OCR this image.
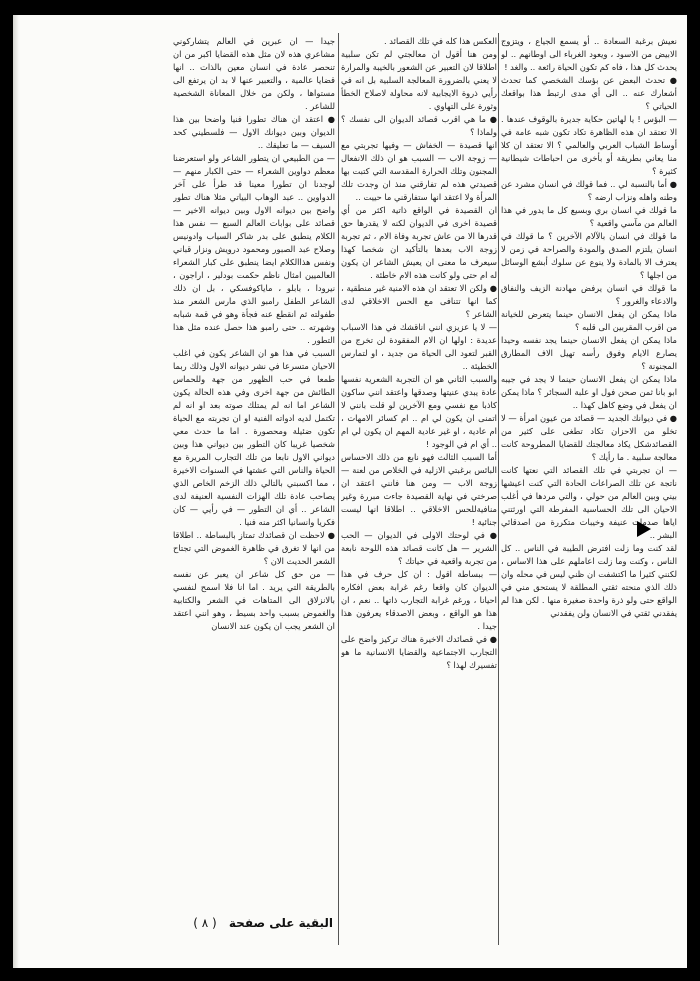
نعيش برغبة السعادة .. أو يسمع الجياع ، ويتزوج الابيض من الاسود ، ويعود الغرباء الى اوطانهم .. لو يحدث كل هذا ، فاه كم تكون الحياة رائعة .. والغد !

● تحدث البعض عن بؤسك الشخصي كما تحدث أشعارك عنه .. الى أي مدى ارتبط هذا بواقعك الحياتي ؟

— البؤس ! يا لهاتين حكاية جديرة بالوقوف عندها . الا تعتقد ان هذه الظاهرة تكاد تكون شبه عامة في أوساط الشباب العربي والعالمي ؟ الا تعتقد ان كلا منا يعاني بطريقة أو بأخرى من احباطات شيطانية كثيرة ؟

● أما بالنسبة لي .. فما قولك في انسان مشرد عن وطنه واهله ونزاب ارضه ؟

ما قولك في انسان بري وبسيع كل ما يدور في هذا العالم من مآسي واقعية ؟

ما قولك في انسان بالآلام الآخرين ؟ ما قولك في انسان يلتزم الصدق والمودة والصراحة في زمن لا يعترف الا بالمادة ولا ينوع عن سلوك أبشع الوسائل من اجلها ؟

ما قولك في انسان يرفض مهادنة الزيف والنفاق والادعاء والغرور ؟

ماذا يمكن ان يفعل الانسان حينما يتعرض للخيانة من اقرب المقربين الى قلبه ؟

ماذا يمكن ان يفعل الانسان حينما يجد نفسه وحيدا يصارع الايام وفوق رأسه تهيل الاف المطارق المجنونة ؟

ماذا يمكن ان يفعل الانسان حينما لا يجد في جيبه ابو بانا ثمن صحن فول او علبة السجائر ؟ ماذا يمكن ان يفعل في وضع كاهل كهذا ..

● في ديوانك الجديد — قصائد من عيون امرأة — لا تخلو من الاحزان تكاد تطغى على كثير من القصائدشكل يكاد معالجتك للقضايا المطروحة كانت معالجة سلبية . ما رأيك ؟

— ان تجربتي في تلك القصائد التي نعتها كانت ناتجة عن تلك الصراعات الحادة التي كنت اعيشها بيني وبين العالم من حولي ، والتي مردها في أغلب الاحيان الى تلك الحساسية المفرطة التي اورثتني اياها صدمات عنيفة وخيبات متكررة من اصدقائي البشر ..

لقد كنت وما زلت افترض الطيبة في الناس .. كل الناس ، وكنت وما زلت اعاملهم على هذا الاساس ، لكنني كثيرا ما اكتشفت ان ظني ليس في محله وان ذلك الذي منحته ثقتي المطلقة لا يستحق مني في الواقع حتى ولو ذرة واحدة صغيرة منها . لكن هذا لم يفقدني ثقتي في الانسان ولن يفقدني

العكس هذا كله في تلك القصائد .

ومن هنا أقول ان معالجتي لم تكن سلبية اطلاقا لان التعبير عن الشعور بالخيبة والمرارة لا يعني بالضرورة المعالجة السلبية بل انه في رأيي ذروة الايجابية لانه محاولة لاصلاح الخطأ وثورة على التهاوي .

● ما هي اقرب قصائد الديوان الى نفسك ؟ ولماذا ؟

انها قصيدة — الخفاش — وفيها تجربتي مع — زوجة الاب — السبب هو ان ذلك الانفعال المجنون وتلك الحرارة المقدسة التي كتبت بها قصيدتي هذه لم تفارقني منذ ان وجدت تلك المرأة ولا اعتقد انها ستفارقني ما حييت ..

ان القصيدة في الواقع ذاتية اكثر من أي قصيدة اخرى في الديوان لكنه لا يقدرها حق قدرها الا من عاش تجربة وفاة الام ، ثم تجربة زوجة الاب بعدها بالتأكيد ان شخصا كهذا سيعرف ما معنى ان يعيش الشاعر ان يكون له ام حتى ولو كانت هذه الام خاطئة .

● ولكن الا تعتقد ان هذه الامنية غير منطقية ، كما انها تتنافى مع الحس الاخلاقي لدى الشاعر ؟

— لا يا عزيزي انني اناقشك في هذا الاسباب عديدة : اولها ان الام المفقودة لن تخرج من القبر لتعود الى الحياة من جديد ، او لتمارس الخطيئة ..

والسبب الثاني هو ان التجربة الشعرية نفسها عادة يبدي عنيتها وصدقها واعتقد انني ساكون كاذبا مع نفسي ومع الآخرين لو قلت بانني لا اتمنى ان يكون لي ام .. ام كسائر الامهات ، ام عادية ، او غير عادية المهم ان يكون لي ام .. أي ام في الوجود !

أما السبب الثالث فهو نابع من ذلك الاحساس البائس برغبتي الازلية في الخلاص من لعنة — زوجة الاب — ومن هنا فانني اعتقد ان صرختي في نهاية القصيدة جاءت مبررة وغير منافيةللحس الاخلاقي .. اطلاقا انها ليست جنائية !

● في لوحتك الاولى في الديوان — الحب الشرير — هل كانت قصائد هذه اللوحة نابعة من تجربة واقعية في حياتك ؟

— ببساطة اقول : ان كل حرف في هذا الديوان كان واقعا رغم غرابة بعض افكاره احيانا ، ورغم غرابة التجارب ذاتها .. نعم ، ان هذا هو الواقع ، وبعض الاصدقاء يعرفون هذا جيدا .

● في قصائدك الاخيرة هناك تركيز واضح على التجارب الاجتماعية والقضايا الانسانية ما هو تفسيرك لهذا ؟

جيدا — ان عبرين في العالم يتشاركوني مشاعري هذه لان مثل هذه القضايا اكبر من ان تنحصر عادة في انسان معين بالذات .. انها قضايا عالمية ، والتعبير عنها لا بد ان يرتفع الى مستواها ، ولكن من خلال المعاناة الشخصية للشاعر .

● اعتقد ان هناك تطورا فنيا واضحا بين هذا الديوان وبين ديوانك الاول — فلسطيني كحد السيف — ما تعليقك ..

— من الطبيعي ان يتطور الشاعر ولو استعرضنا معظم دواوين الشعراء — حتى الكبار منهم — لوجدنا ان تطورا معينا قد طرأ على آخر الدواوين .. عبد الوهاب البياتي مثلا هناك تطور واضح بين ديوانه الاول وبين ديوانه الاخير — قصائد على بوابات العالم السبع — نفس هذا الكلام ينطبق على بدر شاكر السياب وادونيس وصلاح عبد الصبور ومحمود درويش ونزار قباني ونفس هذاالكلام ايضا ينطبق على كبار الشعراء العالميين امثال ناظم حكمت بودلير ، اراجون ، نيرودا ، بابلو ، ماياكوفسكي ، بل ان ذلك الشاعر الطفل رامبو الذي مارس الشعر منذ طفولته ثم انقطع عنه فجأة وهو في قمة شبابه وشهرته .. حتى رامبو هذا حصل عنده مثل هذا التطور .

السبب في هذا هو ان الشاعر يكون في اغلب الاحيان متسرعا في نشر ديوانه الاول وذلك ربما طمعا في حب الظهور من جهة وللحماس الطائش من جهة اخرى وفي هذه الحالة يكون الشاعر اما انه لم يمتلك صوته بعد او انه لم تكتمل لديه ادواته الفنية او ان تجربته مع الحياة تكون ضئيلة ومحصورة . اما ما حدث معي شخصيا غريبا كان التطور بين ديواني هذا وبين ديواني الاول نابعا من تلك التجارب المريرة مع الحياة والناس التي عشتها في السنوات الاخيرة ، مما اكسبني بالتالي ذلك الزخم الخاص الذي يصاحب عادة تلك الهزات النفسية العنيفة لدى الشاعر .. أي ان التطور — في رأيي — كان فكريا وانسانيا اكثر منه فنيا .

● لاحظت ان قصائدك تمتاز بالبساطة .. اطلاقا من انها لا تغرق في ظاهرة الغموض التي تجتاح الشعر الحديث الان ؟

— من حق كل شاعر ان يعبر عن نفسه بالطريقة التي يريد . اما انا فلا اسمح لنفسي بالانزلاق الى المتاهات في الشعر والكتابية والغموض بسبب واحد بسيط ، وهو انني اعتقد ان الشعر يجب ان يكون عند الانسان

البقية على صفحة ( ٨ )
